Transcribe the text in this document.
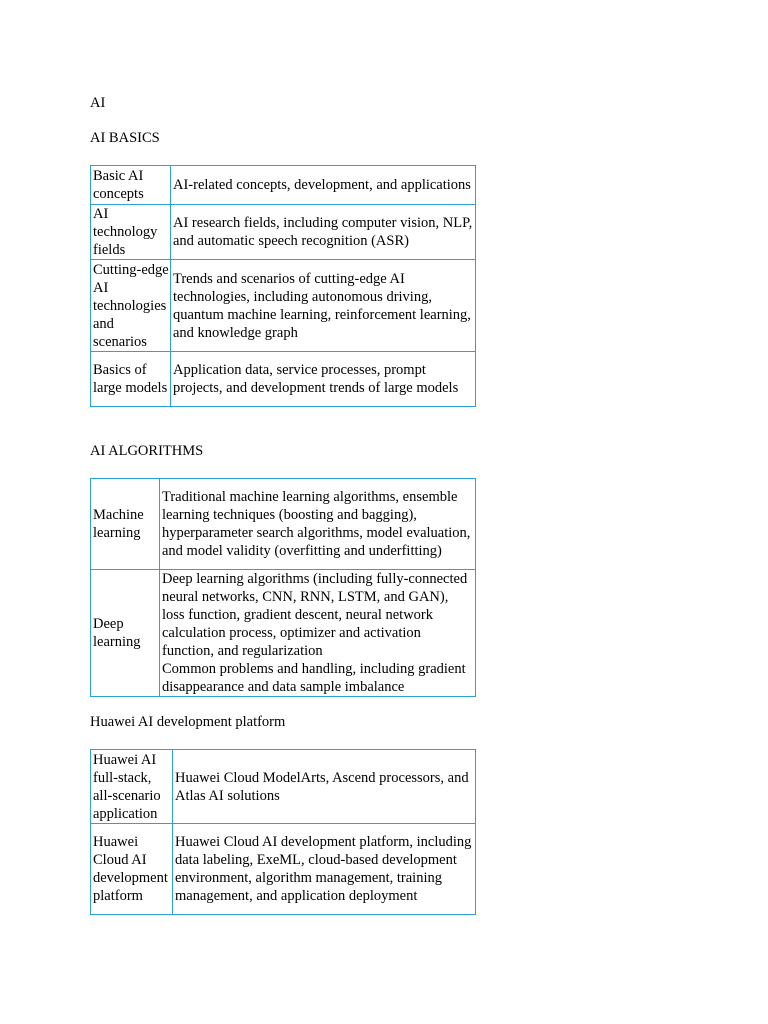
AI
AI BASICS
Basic AI concepts	AI-related concepts, development, and applications
AI technology fields	AI research fields, including computer vision, NLP, and automatic speech recognition (ASR)
Cutting-edge AI technologies and scenarios	Trends and scenarios of cutting-edge AI technologies, including autonomous driving, quantum machine learning, reinforcement learning, and knowledge graph
Basics of large models	Application data, service processes, prompt projects, and development trends of large models
AI ALGORITHMS
Machine learning	Traditional machine learning algorithms, ensemble learning techniques (boosting and bagging), hyperparameter search algorithms, model evaluation, and model validity (overfitting and underfitting)
Deep learning	Deep learning algorithms (including fully-connected neural networks, CNN, RNN, LSTM, and GAN), loss function, gradient descent, neural network calculation process, optimizer and activation function, and regularization
Common problems and handling, including gradient disappearance and data sample imbalance
Huawei AI development platform
Huawei AI full-stack, all-scenario application	Huawei Cloud ModelArts, Ascend processors, and Atlas AI solutions
Huawei Cloud AI development platform	Huawei Cloud AI development platform, including data labeling, ExeML, cloud-based development environment, algorithm management, training management, and application deployment
